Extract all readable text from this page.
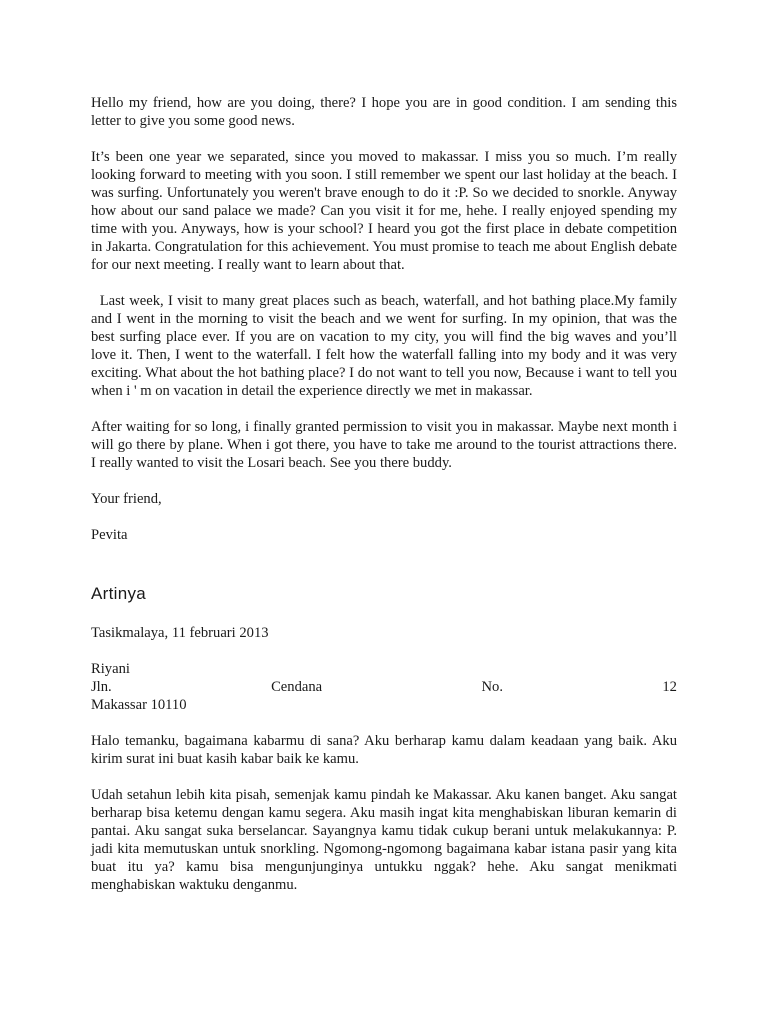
Hello my friend, how are you doing, there? I hope you are in good condition. I am sending this letter to give you some good news.

It’s been one year we separated, since you moved to makassar. I miss you so much. I’m really looking forward to meeting with you soon. I still remember we spent our last holiday at the beach. I was surfing. Unfortunately you weren't brave enough to do it :P. So we decided to snorkle. Anyway how about our sand palace we made? Can you visit it for me, hehe. I really enjoyed spending my time with you. Anyways, how is your school? I heard you got the first place in debate competition in Jakarta. Congratulation for this achievement. You must promise to teach me about English debate for our next meeting. I really want to learn about that.

Last week, I visit to many great places such as beach, waterfall, and hot bathing place.My family and I went in the morning to visit the beach and we went for surfing. In my opinion, that was the best surfing place ever. If you are on vacation to my city, you will find the big waves and you’ll love it. Then, I went to the waterfall. I felt how the waterfall falling into my body and it was very exciting. What about the hot bathing place? I do not want to tell you now, Because i want to tell you when i ' m on vacation in detail the experience directly we met in makassar.

After waiting for so long, i finally granted permission to visit you in makassar. Maybe next month i will go there by plane. When i got there, you have to take me around to the tourist attractions there. I really wanted to visit the Losari beach. See you there buddy.

Your friend,

Pevita

Artinya

Tasikmalaya, 11 februari 2013

Riyani

Jln.	Cendana	No.	12

Makassar 10110

Halo temanku, bagaimana kabarmu di sana? Aku berharap kamu dalam keadaan yang baik. Aku kirim surat ini buat kasih kabar baik ke kamu.

Udah setahun lebih kita pisah, semenjak kamu pindah ke Makassar. Aku kanen banget. Aku sangat berharap bisa ketemu dengan kamu segera. Aku masih ingat kita menghabiskan liburan kemarin di pantai. Aku sangat suka berselancar. Sayangnya kamu tidak cukup berani untuk melakukannya: P. jadi kita memutuskan untuk snorkling. Ngomong-ngomong bagaimana kabar istana pasir yang kita buat itu ya? kamu bisa mengunjunginya untukku nggak? hehe. Aku sangat menikmati menghabiskan waktuku denganmu.
